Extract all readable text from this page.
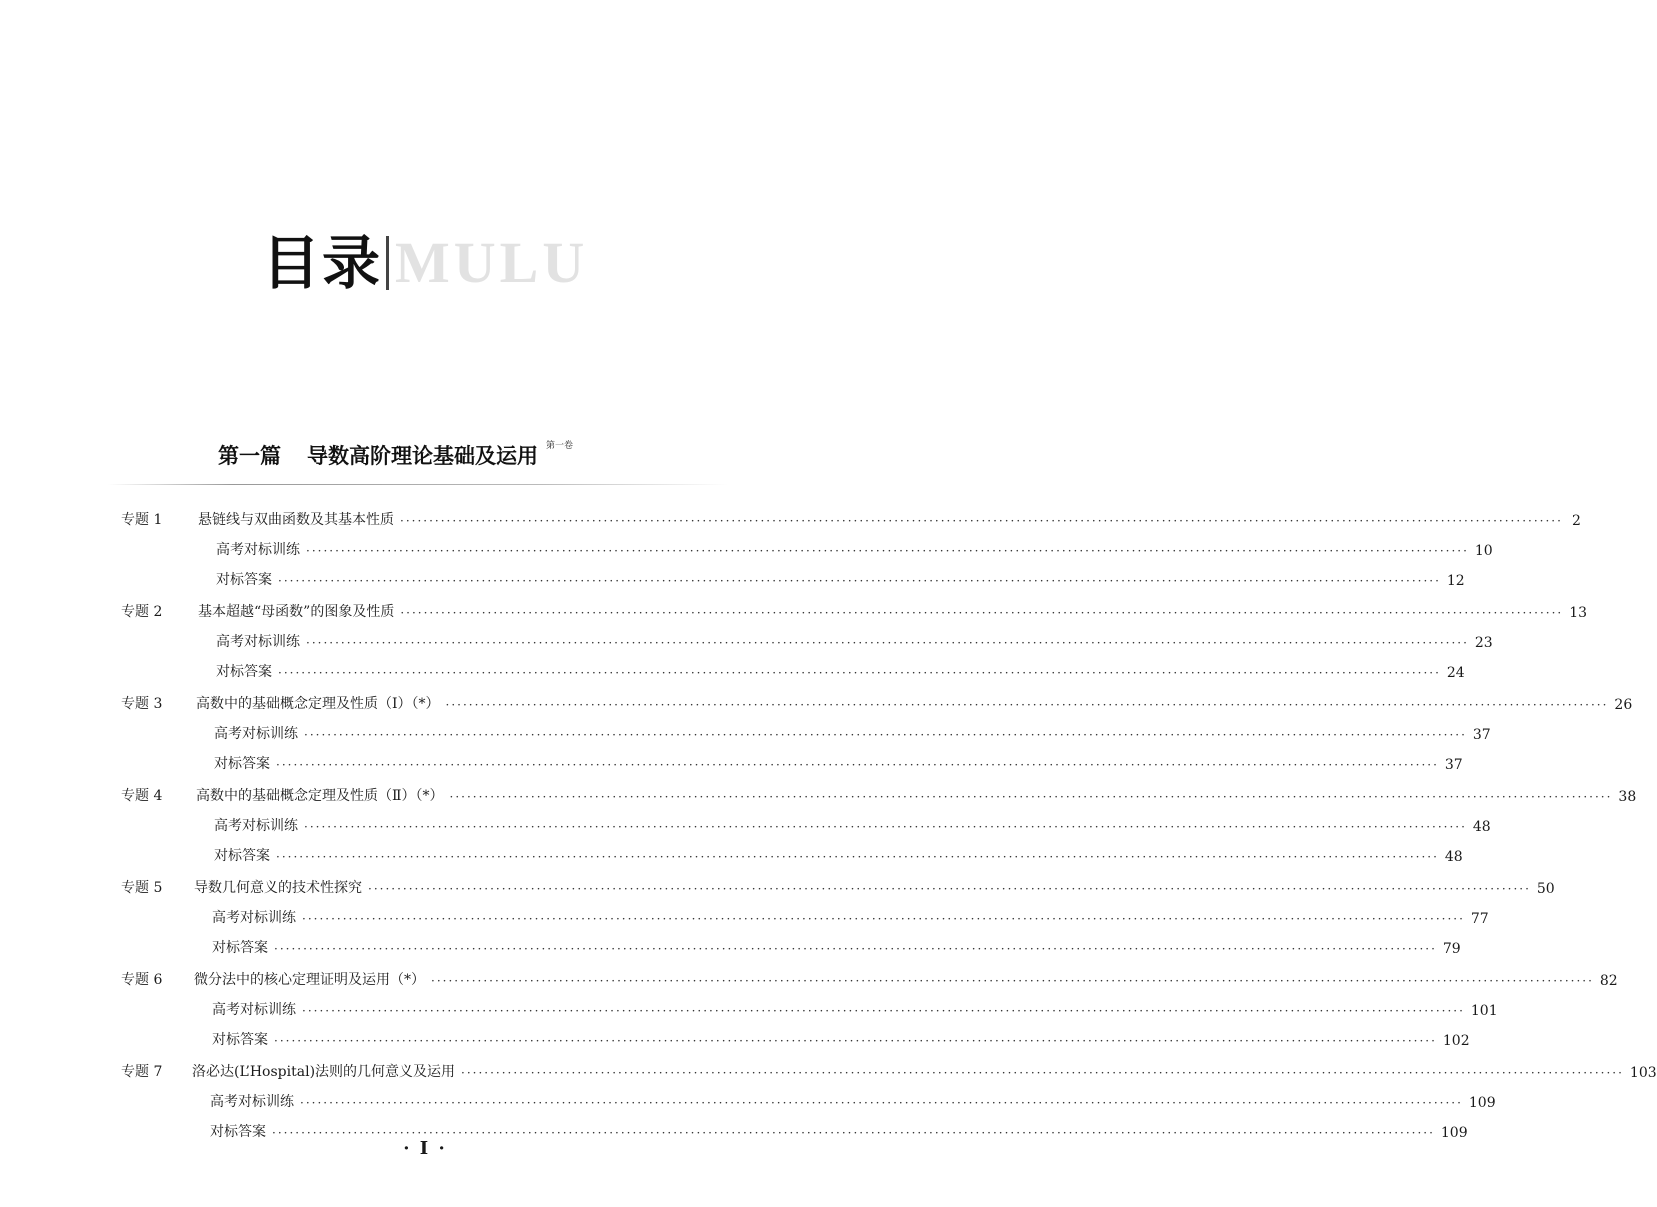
目录 MULU
第一篇 导数高阶理论基础及运用 第一卷
专题 1	悬链线与双曲函数及其基本性质 ········································································································································································································ 2
高考对标训练 ········································································································································································································ 10
对标答案 ········································································································································································································ 12
专题 2	基本超越“母函数”的图象及性质 ········································································································································································································ 13
高考对标训练 ········································································································································································································ 23
对标答案 ········································································································································································································ 24
专题 3 高数中的基础概念定理及性质（Ⅰ）（*） ········································································································································································································ 26
高考对标训练 ········································································································································································································ 37
对标答案 ········································································································································································································ 37
专题 4 高数中的基础概念定理及性质（Ⅱ）（*） ········································································································································································································ 38
高考对标训练 ········································································································································································································ 48
对标答案 ········································································································································································································ 48
专题 5 导数几何意义的技术性探究 ········································································································································································································ 50
高考对标训练 ········································································································································································································ 77
对标答案 ········································································································································································································ 79
专题 6 微分法中的核心定理证明及运用（*） ········································································································································································································ 82
高考对标训练 ········································································································································································································ 101
对标答案 ········································································································································································································ 102
专题 7 洛必达(L’Hospital)法则的几何意义及运用 ········································································································································································································ 103
高考对标训练 ········································································································································································································ 109
对标答案 ········································································································································································································ 109
· Ⅰ ·
